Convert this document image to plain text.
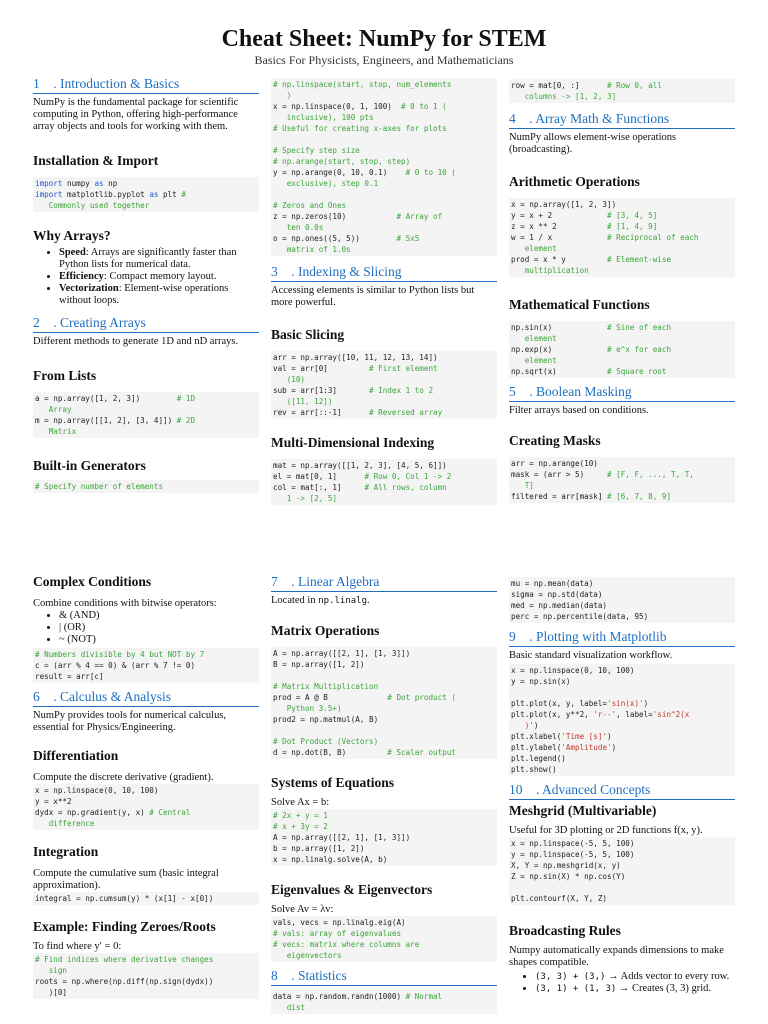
Cheat Sheet: NumPy for STEM
Basics For Physicists, Engineers, and Mathematicians
1 . Introduction & Basics

NumPy is the fundamental package for scientific computing in Python, offering high-performance array objects and tools for working with them.

Installation & Import
import numpy as np
import matplotlib.pyplot as plt #
Commonly used together
Why Arrays?
• Speed: Arrays are significantly faster than Python lists for numerical data.
• Efficiency: Compact memory layout.
• Vectorization: Element-wise operations without loops.
2 . Creating Arrays

Different methods to generate 1D and nD arrays.

From Lists
a = np.array([1, 2, 3])        # 1D
Array
m = np.array([[1, 2], [3, 4]]) # 2D
Matrix
Built-in Generators
# Specify number of elements
# np.linspace(start, stop, num_elements
)
x = np.linspace(0, 1, 100)  # 0 to 1 (
inclusive), 100 pts
# Useful for creating x-axes for plots

# Specify step size
# np.arange(start, stop, step)
y = np.arange(0, 10, 0.1)    # 0 to 10 (
exclusive), step 0.1

# Zeros and Ones
z = np.zeros(10)	# Array of
ten 0.0s
o = np.ones((5, 5))	# 5x5
matrix of 1.0s
3 . Indexing & Slicing

Accessing elements is similar to Python lists but more powerful.

Basic Slicing
arr = np.array([10, 11, 12, 13, 14])
val = arr[0]	# First element
(10)
sub = arr[1:3]	# Index 1 to 2
([11, 12])
rev = arr[::-1]	# Reversed array
Multi-Dimensional Indexing
mat = np.array([[1, 2, 3], [4, 5, 6]])
el = mat[0, 1]	# Row 0, Col 1 -> 2
col = mat[:, 1]	# All rows, column
1 -> [2, 5]
row = mat[0, :]      # Row 0, all
columns -> [1, 2, 3]
4 . Array Math & Functions

NumPy allows element-wise operations (broadcasting).

Arithmetic Operations
x = np.array([1, 2, 3])
y = x + 2	# [3, 4, 5]
z = x ** 2	# [1, 4, 9]
w = 1 / x	# Reciprocal of each
element
prod = x * y	# Element-wise
multiplication
Mathematical Functions
np.sin(x)            # Sine of each
element
np.exp(x)	# e^x for each
element
np.sqrt(x)	# Square root
5 . Boolean Masking

Filter arrays based on conditions.

Creating Masks
arr = np.arange(10)
mask = (arr > 5)	# [F, F, ..., T, T,
T]
filtered = arr[mask] # [6, 7, 8, 9]
Complex Conditions

Combine conditions with bitwise operators:

• & (AND)
• | (OR)
• ~ (NOT)
# Numbers divisible by 4 but NOT by 7
c = (arr % 4 == 0) & (arr % 7 != 0)
result = arr[c]
6 . Calculus & Analysis

NumPy provides tools for numerical calculus, essential for Physics/Engineering.

Differentiation

Compute the discrete derivative (gradient).

x = np.linspace(0, 10, 100)
y = x**2
dydx = np.gradient(y, x) # Central
difference
Integration

Compute the cumulative sum (basic integral approximation).

integral = np.cumsum(y) * (x[1] - x[0])
Example: Finding Zeroes/Roots

To find where y′ = 0:

# Find indices where derivative changes
sign
roots = np.where(np.diff(np.sign(dydx))
)[0]
7 . Linear Algebra

Located in np.linalg.

Matrix Operations
A = np.array([[2, 1], [1, 3]])
B = np.array([1, 2])

# Matrix Multiplication
prod = A @ B	# Dot product (
Python 3.5+)
prod2 = np.matmul(A, B)

# Dot Product (Vectors)
d = np.dot(B, B)	# Scalar output
Systems of Equations

Solve Ax = b:

# 2x + y = 1
# x + 3y = 2
A = np.array([[2, 1], [1, 3]])
b = np.array([1, 2])
x = np.linalg.solve(A, b)
Eigenvalues & Eigenvectors

Solve Av = λv:

vals, vecs = np.linalg.eig(A)
# vals: array of eigenvalues
# vecs: matrix where columns are
eigenvectors
8 . Statistics
data = np.random.randn(1000) # Normal
dist
mu = np.mean(data)
sigma = np.std(data)
med = np.median(data)
perc = np.percentile(data, 95)
9 . Plotting with Matplotlib

Basic standard visualization workflow.

x = np.linspace(0, 10, 100)
y = np.sin(x)

plt.plot(x, y, label='sin(x)')
plt.plot(x, y**2, 'r--', label='sin^2(x
)')
plt.xlabel('Time [s]')
plt.ylabel('Amplitude')
plt.legend()
plt.show()
10 . Advanced Concepts
Meshgrid (Multivariable)

Useful for 3D plotting or 2D functions f(x, y).

x = np.linspace(-5, 5, 100)
y = np.linspace(-5, 5, 100)
X, Y = np.meshgrid(x, y)
Z = np.sin(X) * np.cos(Y)

plt.contourf(X, Y, Z)
Broadcasting Rules

Numpy automatically expands dimensions to make shapes compatible.

• (3, 3) + (3,) → Adds vector to every row.
• (3, 1) + (1, 3) → Creates (3, 3) grid.
